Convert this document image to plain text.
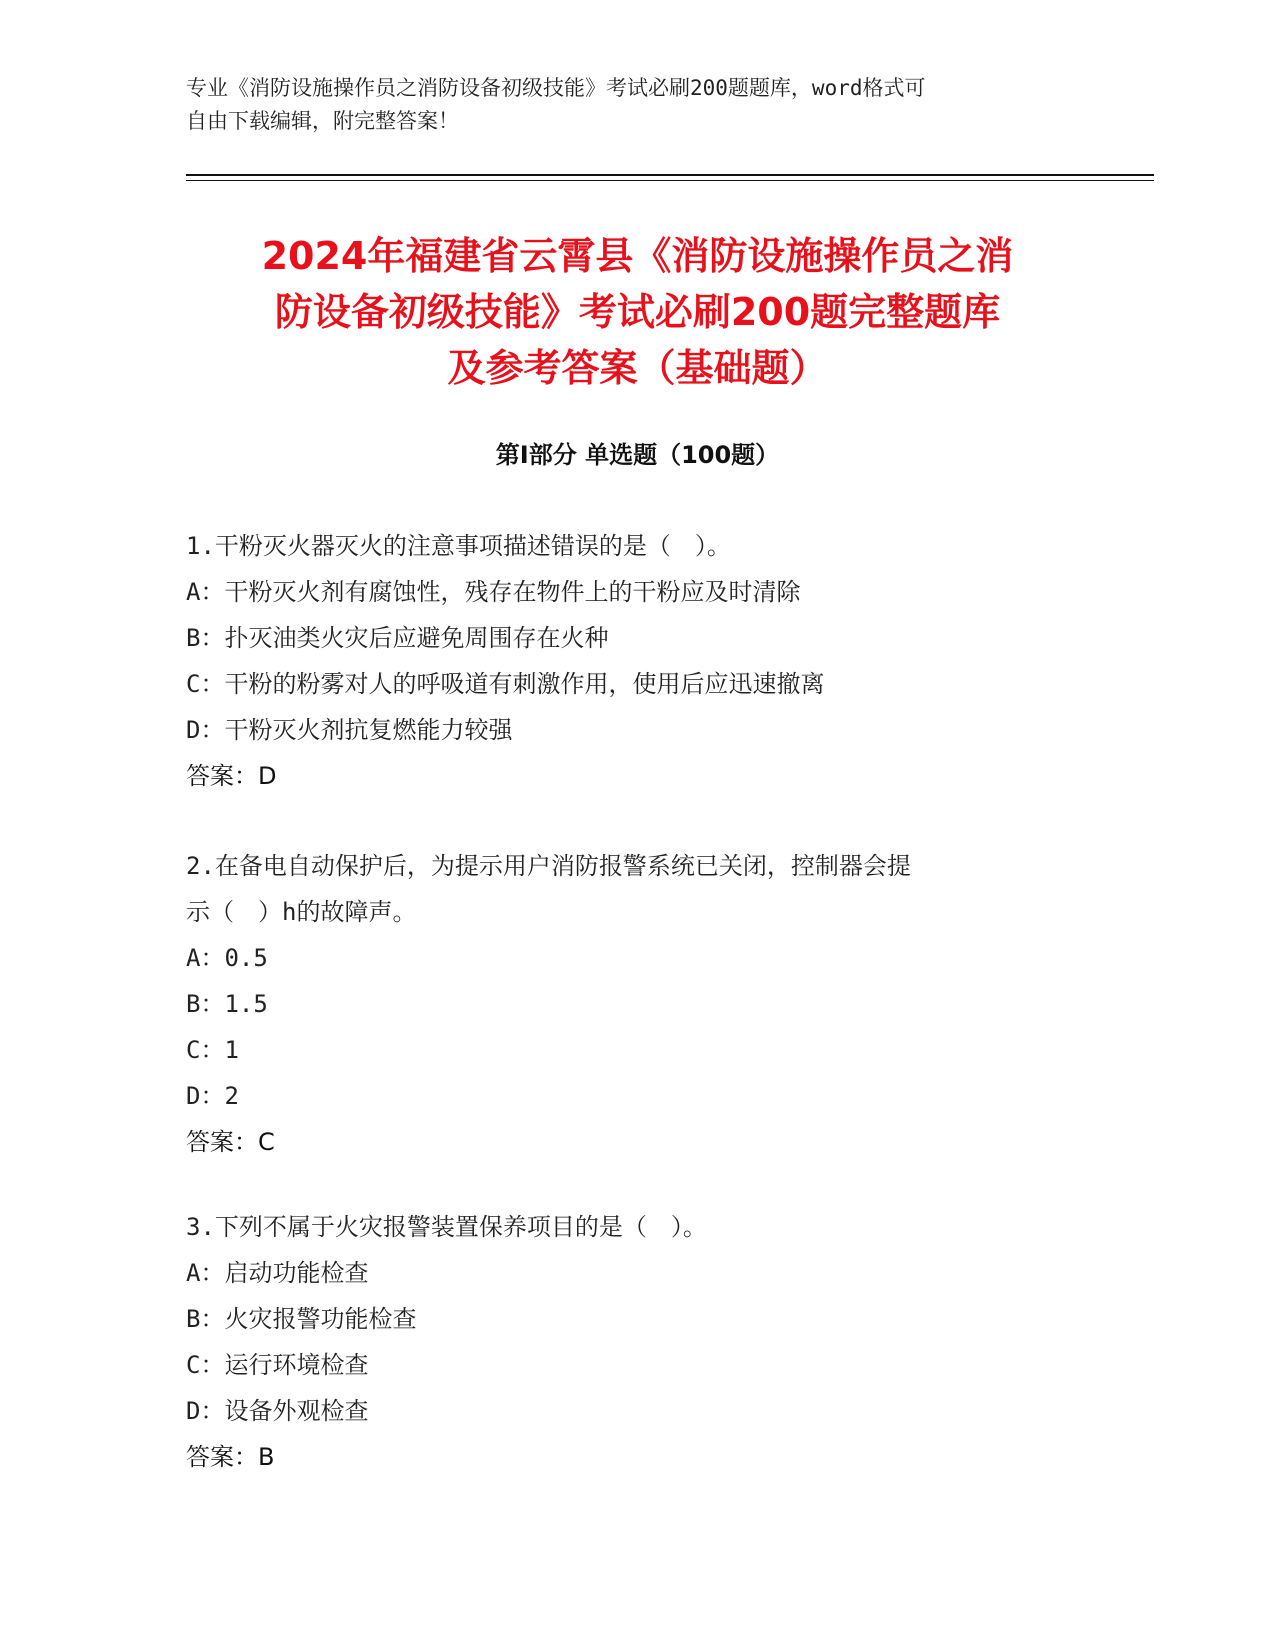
专业《消防设施操作员之消防设备初级技能》考试必刷200题题库，word格式可
自由下载编辑，附完整答案！
2024年福建省云霄县《消防设施操作员之消
防设备初级技能》考试必刷200题完整题库
及参考答案（基础题）
第Ⅰ部分 单选题（100题）
1.干粉灭火器灭火的注意事项描述错误的是（　）。
A：干粉灭火剂有腐蚀性，残存在物件上的干粉应及时清除
B：扑灭油类火灾后应避免周围存在火种
C：干粉的粉雾对人的呼吸道有刺激作用，使用后应迅速撤离
D：干粉灭火剂抗复燃能力较强
答案：D
2.在备电自动保护后，为提示用户消防报警系统已关闭，控制器会提
示（　）h的故障声。
A：0.5
B：1.5
C：1
D：2
答案：C
3.下列不属于火灾报警装置保养项目的是（　）。
A：启动功能检查
B：火灾报警功能检查
C：运行环境检查
D：设备外观检查
答案：B
